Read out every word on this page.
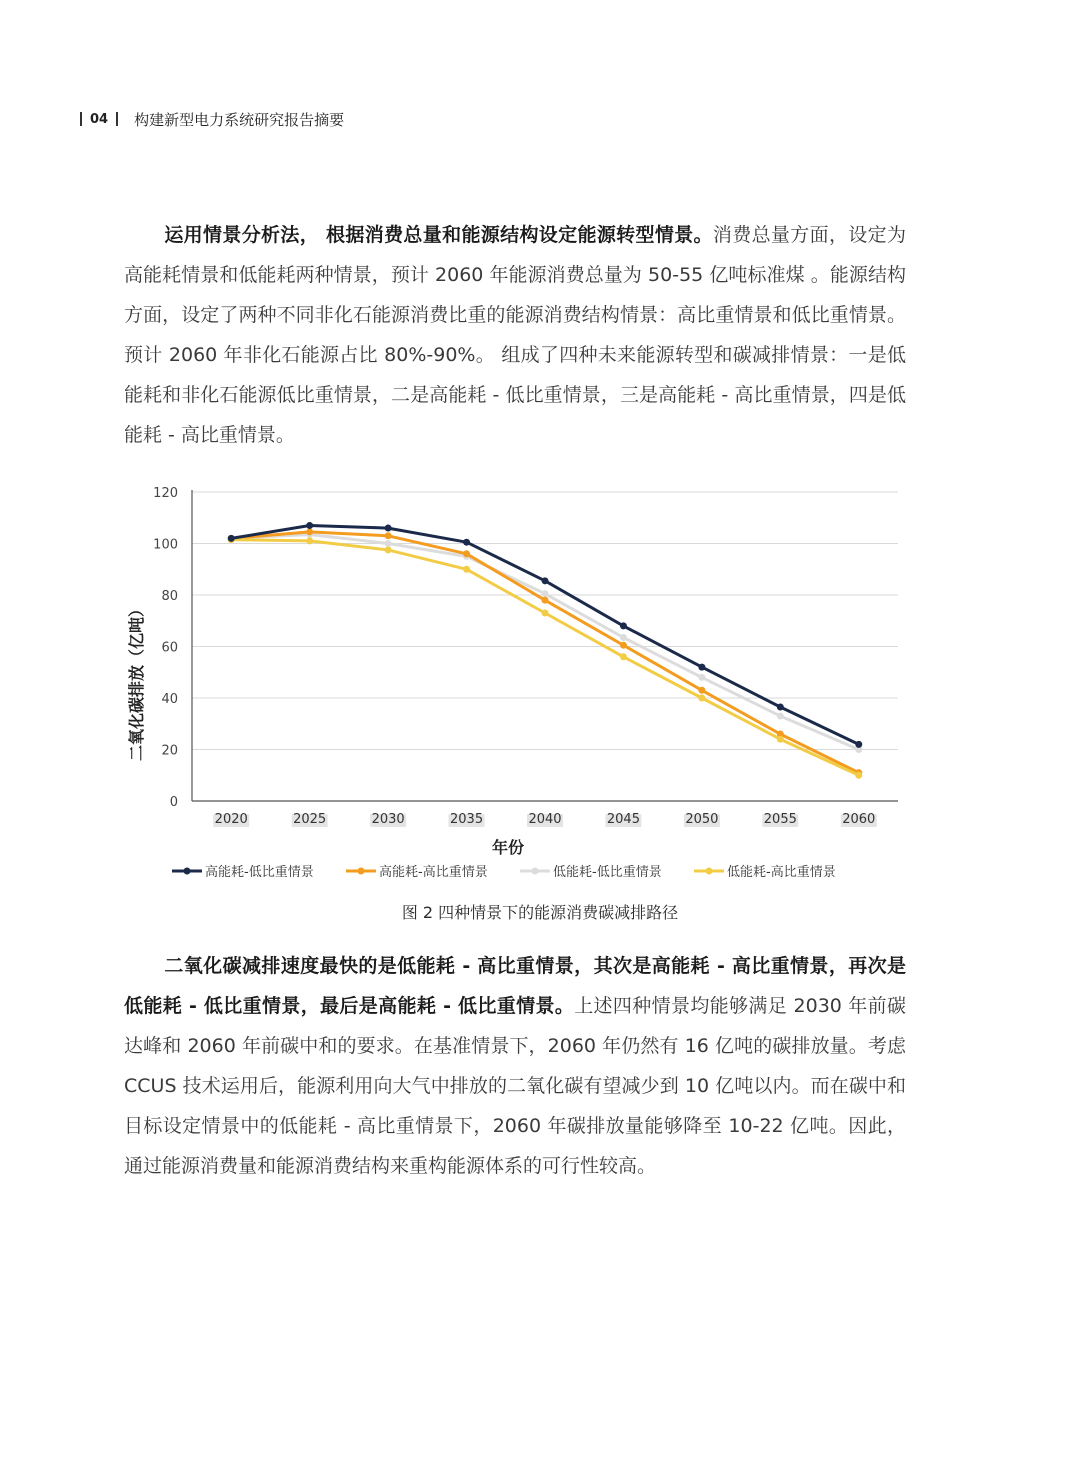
04 构建新型电力系统研究报告摘要

运用情景分析法， 根据消费总量和能源结构设定能源转型情景。消费总量方面，设定为高能耗情景和低能耗两种情景，预计 2060 年能源消费总量为 50-55 亿吨标准煤 。能源结构方面，设定了两种不同非化石能源消费比重的能源消费结构情景：高比重情景和低比重情景。预计 2060 年非化石能源占比 80%-90%。 组成了四种未来能源转型和碳减排情景：一是低能耗和非化石能源低比重情景，二是高能耗 - 低比重情景，三是高能耗 - 高比重情景，四是低能耗 - 高比重情景。

0
20
40
60
80
100
120
2020	2025	2030	2035	2040	2045	2050	2055	2060
二氧化碳排放（亿吨）
年份
高能耗-低比重情景	高能耗-高比重情景	低能耗-低比重情景	低能耗-高比重情景
图 2 四种情景下的能源消费碳减排路径

二氧化碳减排速度最快的是低能耗 - 高比重情景，其次是高能耗 - 高比重情景，再次是低能耗 - 低比重情景，最后是高能耗 - 低比重情景。上述四种情景均能够满足 2030 年前碳达峰和 2060 年前碳中和的要求。在基准情景下，2060 年仍然有 16 亿吨的碳排放量。考虑 CCUS 技术运用后，能源利用向大气中排放的二氧化碳有望减少到 10 亿吨以内。而在碳中和目标设定情景中的低能耗 - 高比重情景下，2060 年碳排放量能够降至 10-22 亿吨。因此，通过能源消费量和能源消费结构来重构能源体系的可行性较高。
